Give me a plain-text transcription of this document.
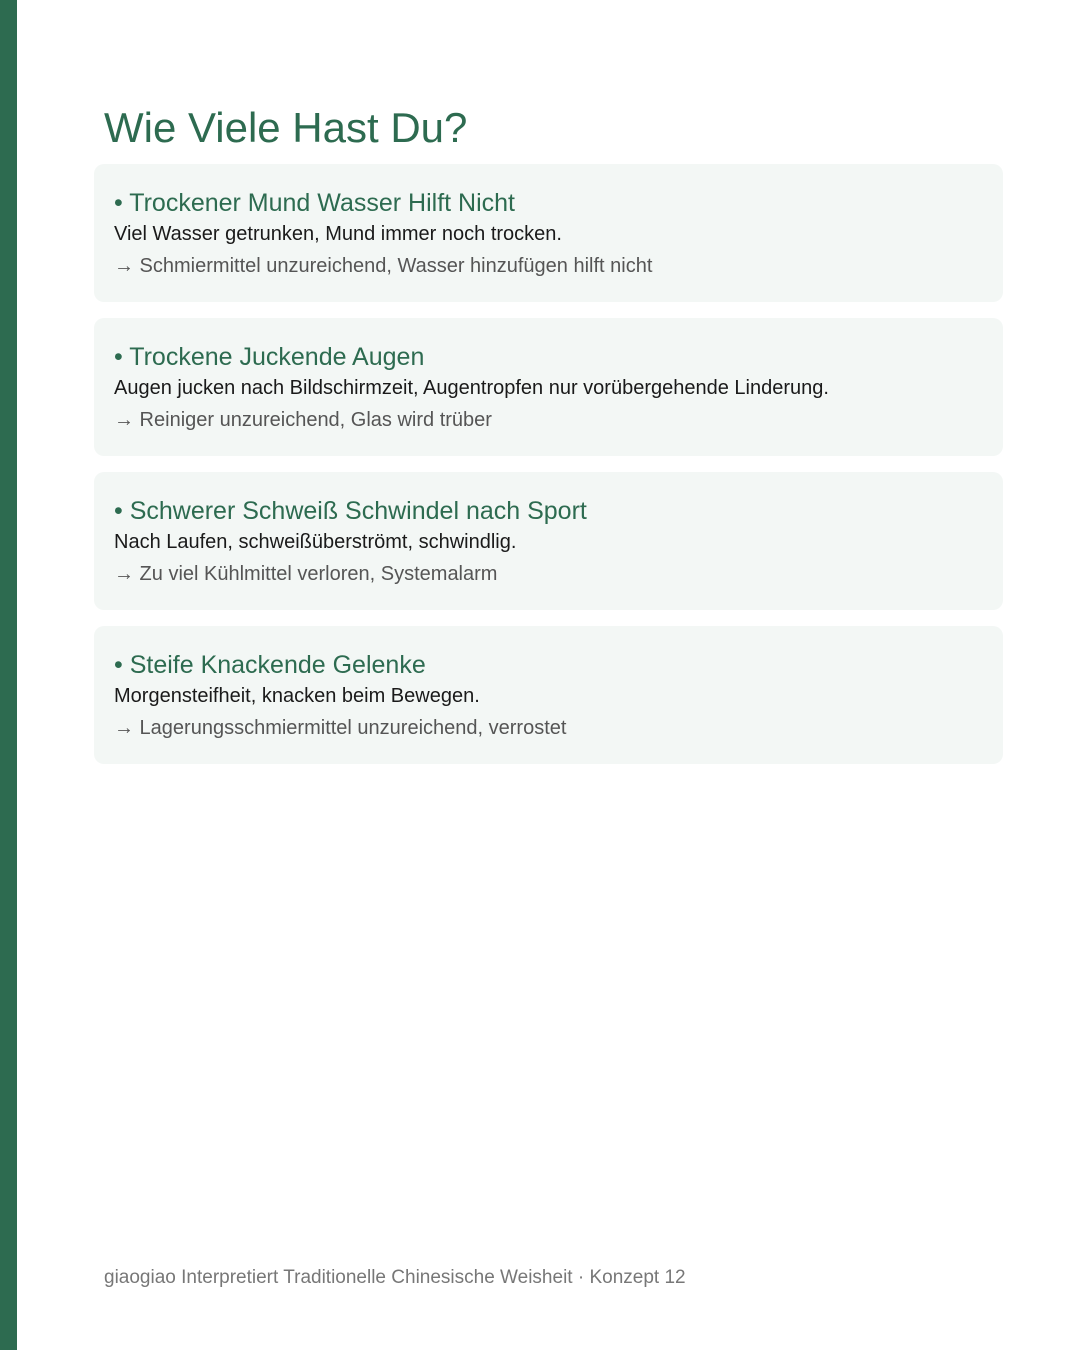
Wie Viele Hast Du?
• Trockener Mund Wasser Hilft Nicht
Viel Wasser getrunken, Mund immer noch trocken.
→ Schmiermittel unzureichend, Wasser hinzufügen hilft nicht
• Trockene Juckende Augen
Augen jucken nach Bildschirmzeit, Augentropfen nur vorübergehende Linderung.
→ Reiniger unzureichend, Glas wird trüber
• Schwerer Schweiß Schwindel nach Sport
Nach Laufen, schweißüberströmt, schwindlig.
→ Zu viel Kühlmittel verloren, Systemalarm
• Steife Knackende Gelenke
Morgensteifheit, knacken beim Bewegen.
→ Lagerungsschmiermittel unzureichend, verrostet
giaogiao Interpretiert Traditionelle Chinesische Weisheit · Konzept 12
